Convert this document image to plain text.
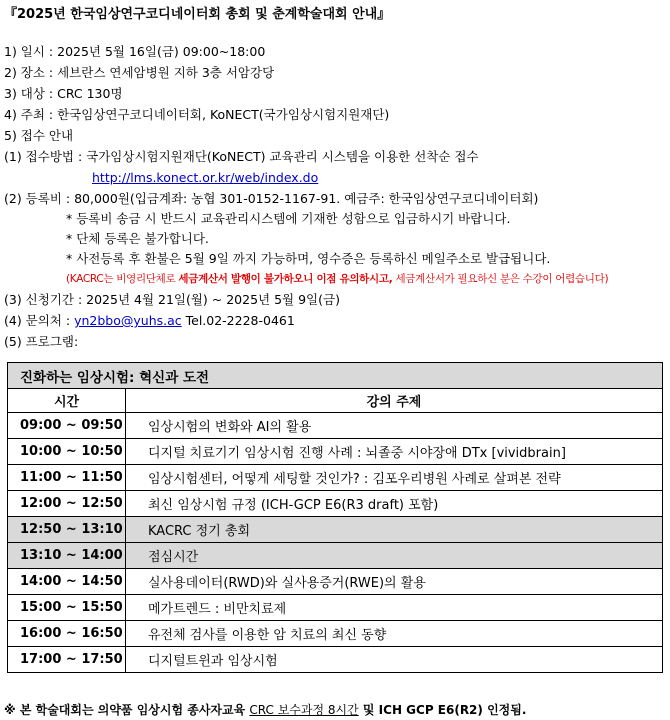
『2025년 한국임상연구코디네이터회 총회 및 춘계학술대회 안내』
1) 일시 : 2025년 5월 16일(금) 09:00~18:00
2) 장소 : 세브란스 연세암병원 지하 3층 서암강당
3) 대상 : CRC 130명
4) 주최 : 한국임상연구코디네이터회, KoNECT(국가임상시험지원재단)
5) 접수 안내
(1) 접수방법 : 국가임상시험지원재단(KoNECT) 교육관리 시스템을 이용한 선착순 접수
http://lms.konect.or.kr/web/index.do
(2) 등록비 : 80,000원(입금계좌: 농협 301-0152-1167-91. 예금주: 한국임상연구코디네이터회)
* 등록비 송금 시 반드시 교육관리시스템에 기재한 성함으로 입금하시기 바랍니다.
* 단체 등록은 불가합니다.
* 사전등록 후 환불은 5월 9일 까지 가능하며, 영수증은 등록하신 메일주소로 발급됩니다.
(KACRC는 비영리단체로 세금계산서 발행이 불가하오니 이점 유의하시고, 세금계산서가 필요하신 분은 수강이 어렵습니다)
(3) 신청기간 : 2025년 4월 21일(월) ~ 2025년 5월 9일(금)
(4) 문의처 : yn2bbo@yuhs.ac Tel.02-2228-0461
(5) 프로그램:
진화하는 임상시험: 혁신과 도전	
시간	강의 주제
09:00 ~ 09:50	임상시험의 변화와 AI의 활용
10:00 ~ 10:50	디지털 치료기기 임상시험 진행 사례 : 뇌졸중 시야장애 DTx [vividbrain]
11:00 ~ 11:50	임상시험센터, 어떻게 세팅할 것인가? : 김포우리병원 사례로 살펴본 전략
12:00 ~ 12:50	최신 임상시험 규정 (ICH-GCP E6(R3 draft) 포함)
12:50 ~ 13:10	KACRC 정기 총회
13:10 ~ 14:00	점심시간
14:00 ~ 14:50	실사용데이터(RWD)와 실사용증거(RWE)의 활용
15:00 ~ 15:50	메가트렌드 : 비만치료제
16:00 ~ 16:50	유전체 검사를 이용한 암 치료의 최신 동향
17:00 ~ 17:50	디지털트윈과 임상시험
※ 본 학술대회는 의약품 임상시험 종사자교육 CRC 보수과정 8시간 및 ICH GCP E6(R2) 인정됨.
